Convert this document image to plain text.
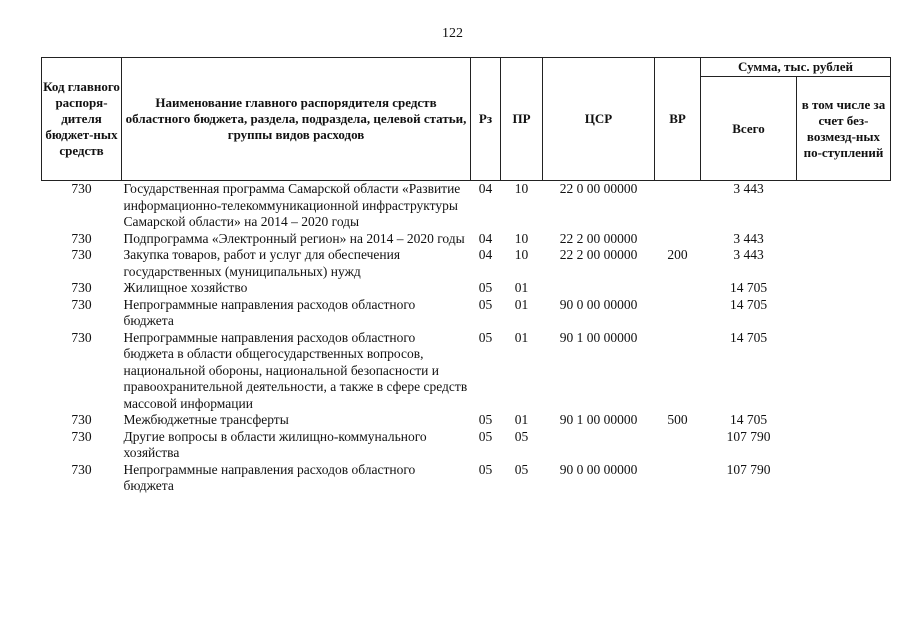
122
Код главного распоря-дителя бюджет-ных средств	Наименование главного распорядителя средств областного бюджета, раздела, подраздела, целевой статьи, группы видов расходов	Рз	ПР	ЦСР	ВР	Сумма, тыс. рублей	
						Всего	в том числе за счет без-возмезд-ных по-ступлений
730	Государственная программа Самарской области «Развитие информационно-телекоммуникационной инфраструктуры Самарской области» на 2014 – 2020 годы	04	10	22 0 00 00000		3 443	
730	Подпрограмма «Электронный регион» на 2014 – 2020 годы	04	10	22 2 00 00000		3 443	
730	Закупка товаров, работ и услуг для обеспечения государственных (муниципальных) нужд	04	10	22 2 00 00000	200	3 443	
730	Жилищное хозяйство	05	01			14 705	
730	Непрограммные направления расходов областного бюджета	05	01	90 0 00 00000		14 705	
730	Непрограммные направления расходов областного бюджета в области общегосударственных вопросов, национальной обороны, национальной безопасности и правоохранительной деятельности, а также в сфере средств массовой информации	05	01	90 1 00 00000		14 705	
730	Межбюджетные трансферты	05	01	90 1 00 00000	500	14 705	
730	Другие вопросы в области жилищно-коммунального хозяйства	05	05			107 790	
730	Непрограммные направления расходов областного бюджета	05	05	90 0 00 00000		107 790	
